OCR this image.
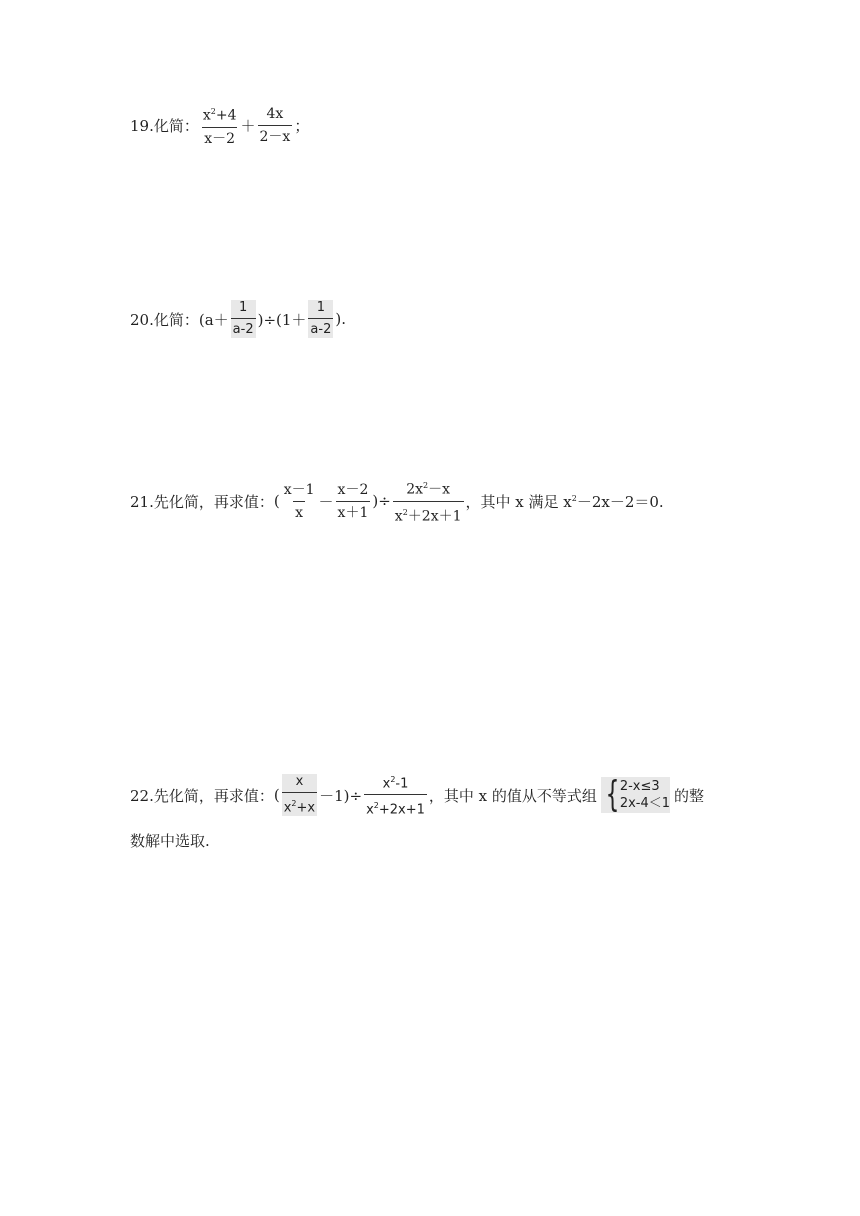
19.化简： $\frac{x^2+4}{x-2} + \frac{4x}{2-x}$ ；
20.化简： $(a+ \frac{1}{a-2} )\div(1+ \frac{1}{a-2}$ ).
21.先化简，再求值： ( $\frac{x-1}{x} - \frac{x-2}{x+1}$ )÷ $\frac{2x^2-x}{x^2+2x+1}$ ，其中 x 满足 $x^2-2x-2=0$.
22.先化简，再求值： ( $\frac{x}{x^2+x} -1)\div \frac{x^2-1}{x^2+2x+1}$ ，其中 x 的值从不等式组 { 2-x≤3
2x-4＜1 的整
数解中选取.
